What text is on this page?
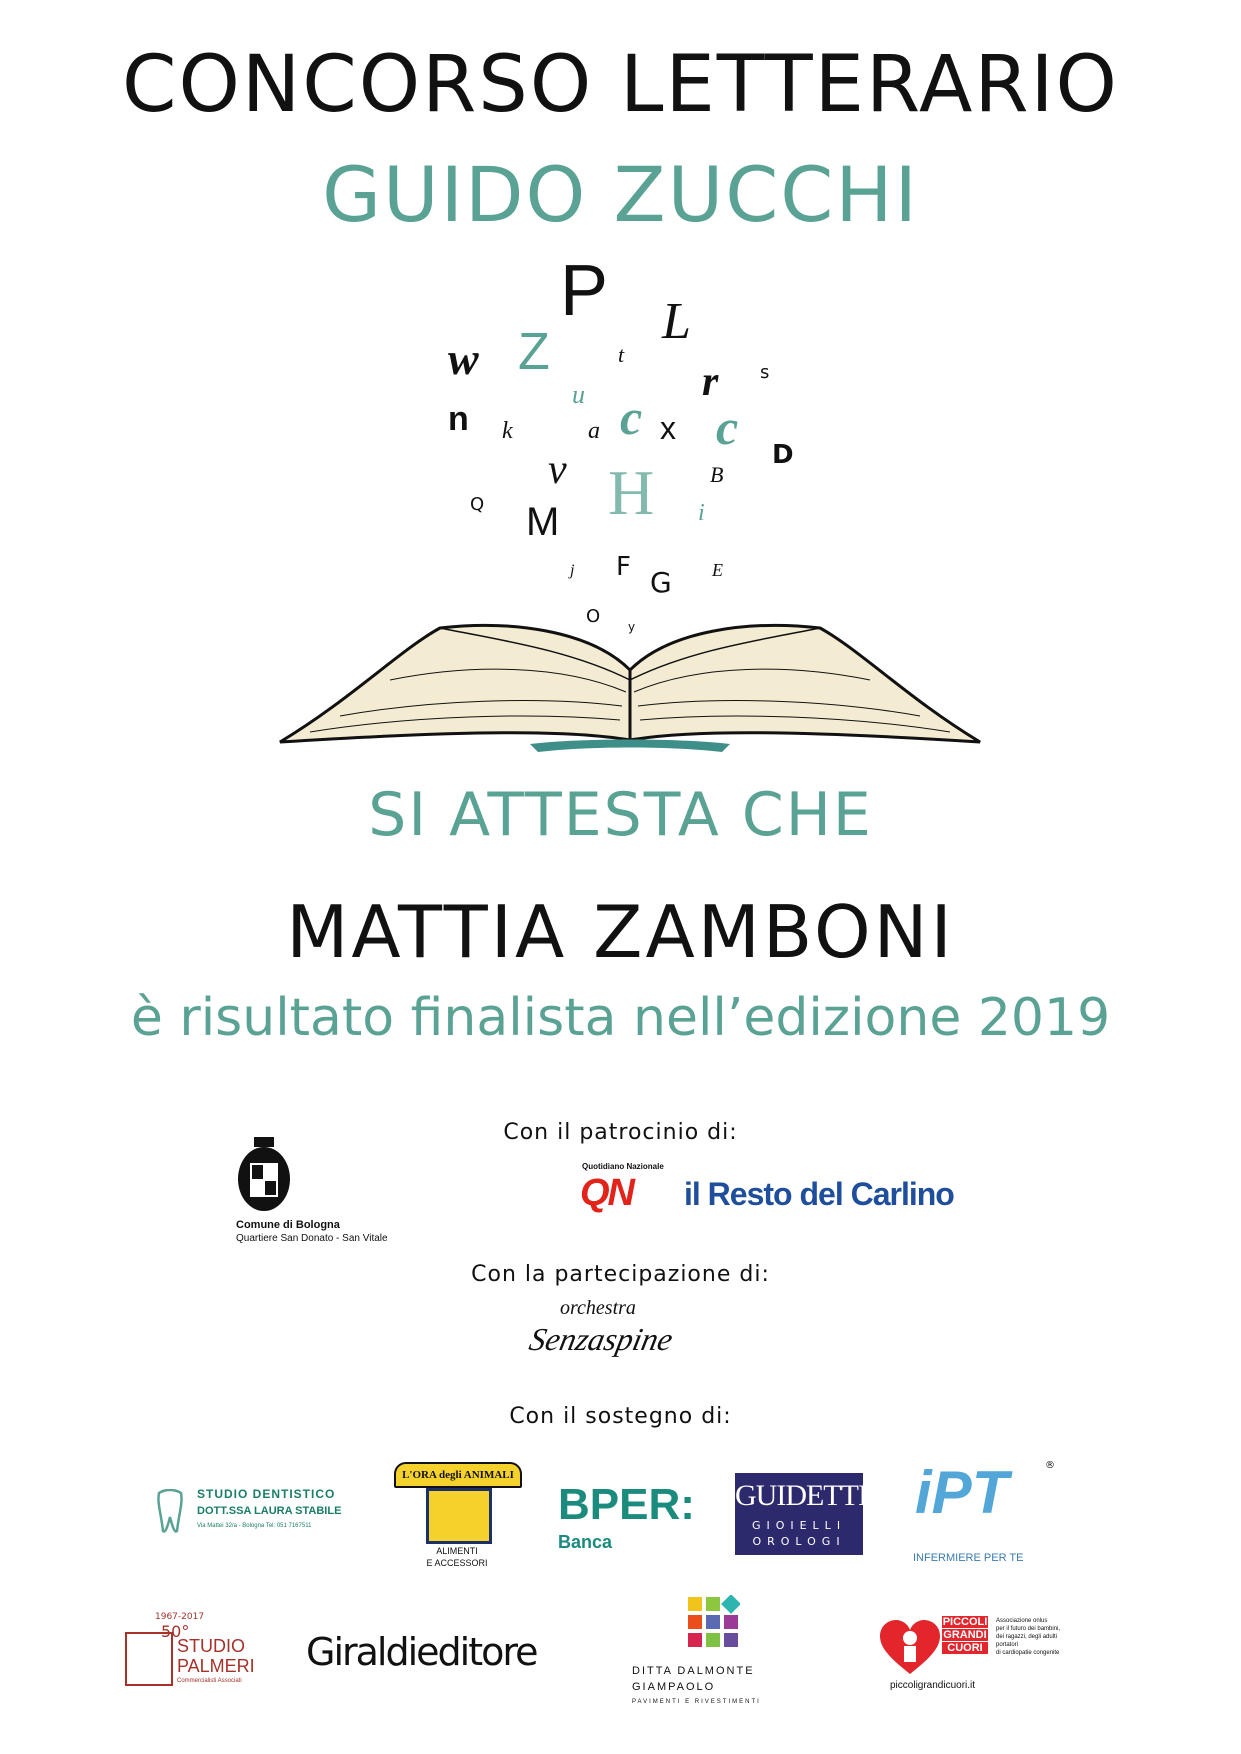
CONCORSO LETTERARIO
GUIDO ZUCCHI
P L
w Z	t
r s
u
n	c x c
k	a
v	D
B
H i
Q M
j F G E
O y
SI ATTESTA CHE
MATTIA ZAMBONI
è risultato finalista nell’edizione 2019
Con il patrocinio di:
Comune di Bologna
Quartiere San Donato - San Vitale
Quotidiano Nazionale
QN il Resto del Carlino
Con la partecipazione di:
orchestra
Senzaspine
Con il sostegno di:
STUDIO DENTISTICO
DOTT.SSA LAURA STABILE
Via Mattei 32/a - Bologna Tel: 051 7167511
L'ORA degli ANIMALI
ALIMENTI
E ACCESSORI
BPER:
Banca
GUIDETTI
GIOIELLI
OROLOGI
iPT	®
INFERMIERE PER TE
1967-2017
50°
STUDIO
PALMERI
Commercialisti Associati
Giraldieditore	DITTA DALMONTE
GIAMPAOLO
PAVIMENTI E RIVESTIMENTI
PICCOLI
GRANDI
CUORI
Associazione onlus
per il futuro dei bambini,
dei ragazzi, degli adulti
portatori
di cardiopatie congenite
piccoligrandicuori.it
